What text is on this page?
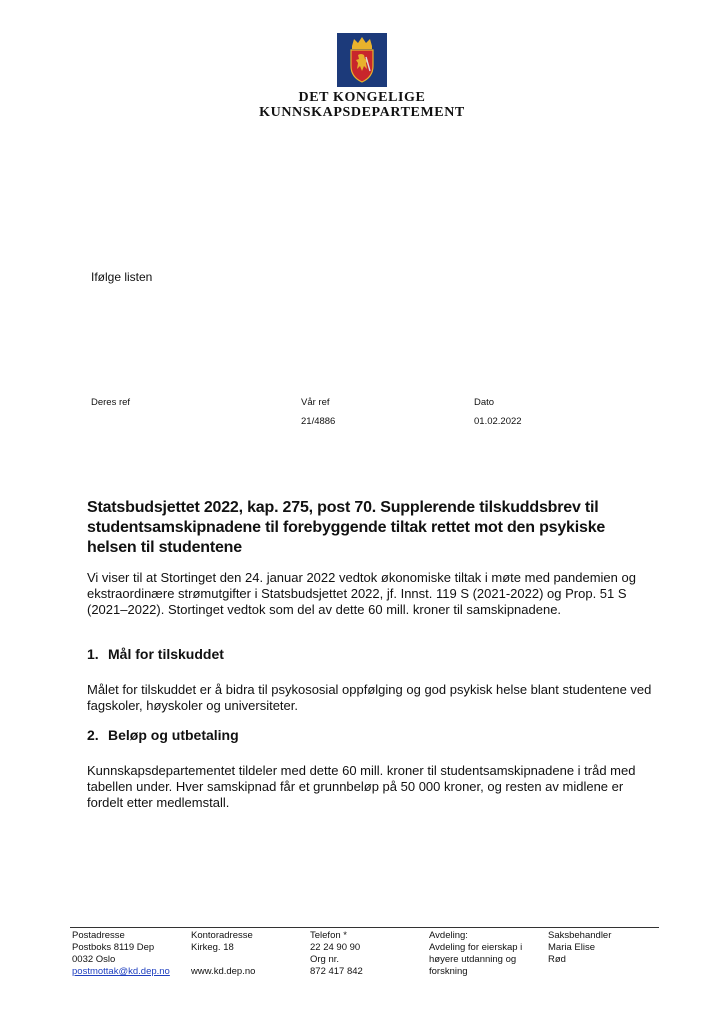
DET KONGELIGE
KUNNSKAPSDEPARTEMENT
Ifølge listen
Deres ref	Vår ref
21/4886
Dato
01.02.2022
Statsbudsjettet 2022, kap. 275, post 70. Supplerende tilskuddsbrev til studentsamskipnadene til forebyggende tiltak rettet mot den psykiske helsen til studentene
Vi viser til at Stortinget den 24. januar 2022 vedtok økonomiske tiltak i møte med pandemien og ekstraordinære strømutgifter i Statsbudsjettet 2022, jf. Innst. 119 S (2021-2022) og Prop. 51 S (2021–2022). Stortinget vedtok som del av dette 60 mill. kroner til samskipnadene.
1. Mål for tilskuddet
Målet for tilskuddet er å bidra til psykososial oppfølging og god psykisk helse blant studentene ved fagskoler, høyskoler og universiteter.
2. Beløp og utbetaling
Kunnskapsdepartementet tildeler med dette 60 mill. kroner til studentsamskipnadene i tråd med tabellen under. Hver samskipnad får et grunnbeløp på 50 000 kroner, og resten av midlene er fordelt etter medlemstall.
Postadresse
Postboks 8119 Dep
0032 Oslo
postmottak@kd.dep.no
Kontoradresse
Kirkeg. 18

www.kd.dep.no
Telefon *
22 24 90 90
Org nr.
872 417 842
Avdeling:
Avdeling for eierskap i
høyere utdanning og
forskning
Saksbehandler
Maria Elise
Rød
